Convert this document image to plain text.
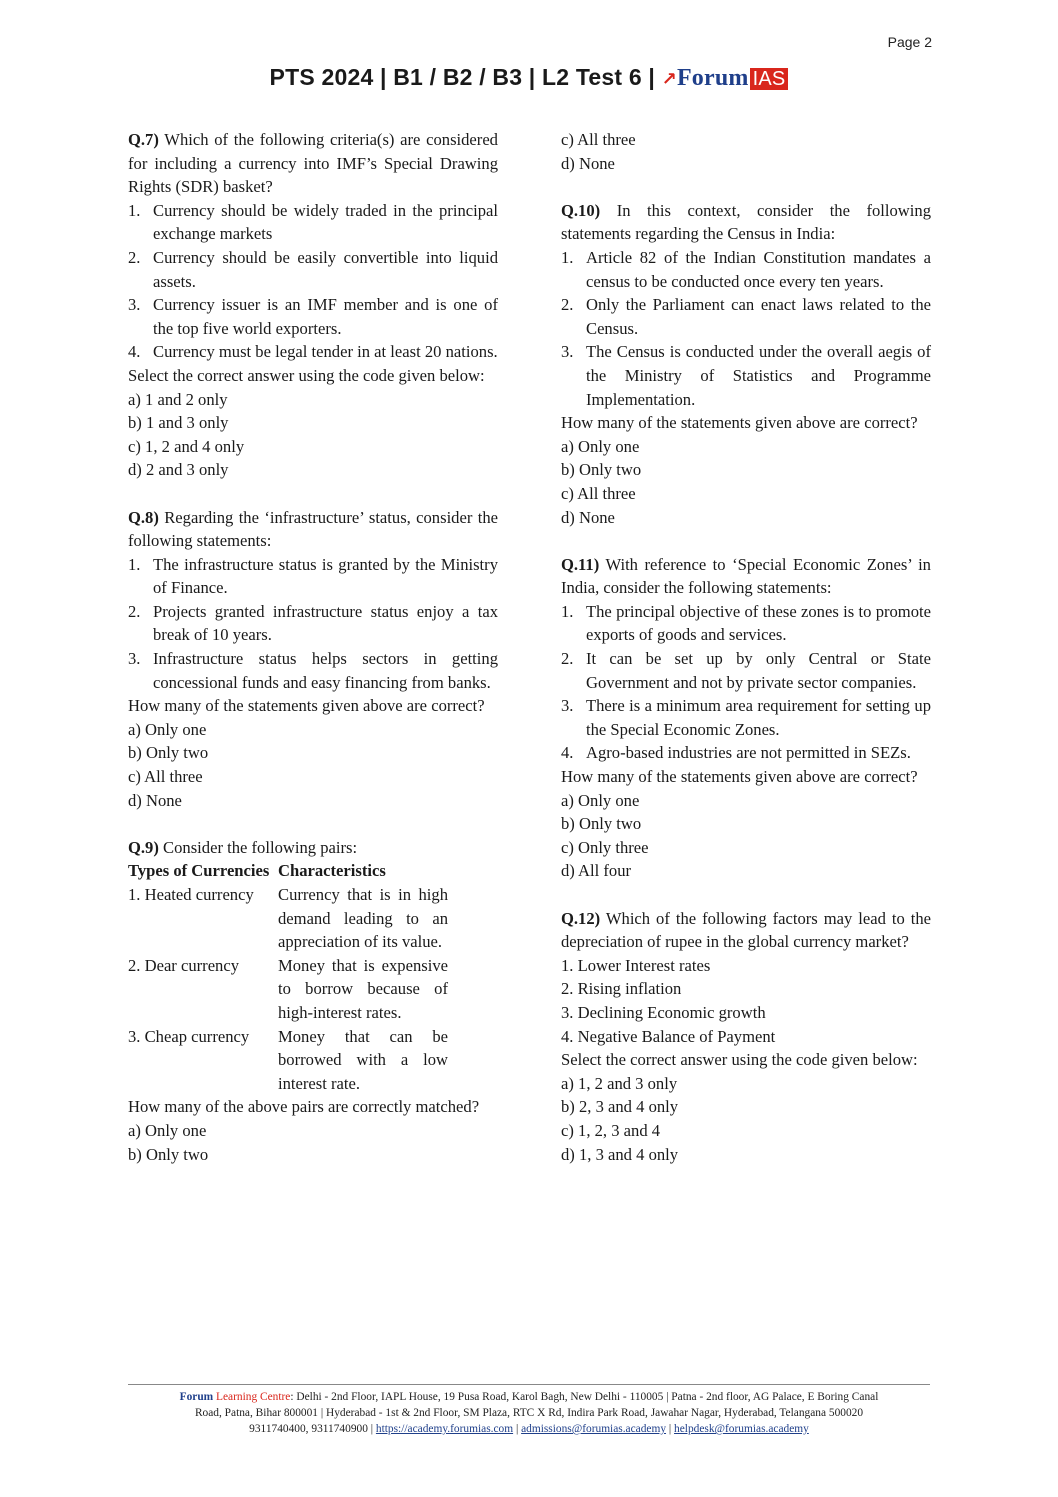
Page 2
PTS 2024 | B1 / B2 / B3 | L2 Test 6 | ↗Forum IAS

Q.7) Which of the following criteria(s) are considered for including a currency into IMF’s Special Drawing Rights (SDR) basket?

1. Currency should be widely traded in the principal exchange markets
2. Currency should be easily convertible into liquid assets.
3. Currency issuer is an IMF member and is one of the top five world exporters.
4. Currency must be legal tender in at least 20 nations.

Select the correct answer using the code given below:

a) 1 and 2 only

b) 1 and 3 only

c) 1, 2 and 4 only

d) 2 and 3 only

Q.8) Regarding the ‘infrastructure’ status, consider the following statements:

1. The infrastructure status is granted by the Ministry of Finance.
2. Projects granted infrastructure status enjoy a tax break of 10 years.
3. Infrastructure status helps sectors in getting concessional funds and easy financing from banks.

How many of the statements given above are correct?

a) Only one

b) Only two

c) All three

d) None

Q.9) Consider the following pairs:

Types of Currencies	Characteristics
1. Heated currency	Currency that is in high demand leading to an appreciation of its value.
2. Dear currency	Money that is expensive to borrow because of high-interest rates.
3. Cheap currency	Money that can be borrowed with a low interest rate.

How many of the above pairs are correctly matched?

a) Only one

b) Only two

c) All three

d) None

Q.10) In this context, consider the following statements regarding the Census in India:

1. Article 82 of the Indian Constitution mandates a census to be conducted once every ten years.
2. Only the Parliament can enact laws related to the Census.
3. The Census is conducted under the overall aegis of the Ministry of Statistics and Programme Implementation.

How many of the statements given above are correct?

a) Only one

b) Only two

c) All three

d) None

Q.11) With reference to ‘Special Economic Zones’ in India, consider the following statements:

1. The principal objective of these zones is to promote exports of goods and services.
2. It can be set up by only Central or State Government and not by private sector companies.
3. There is a minimum area requirement for setting up the Special Economic Zones.
4. Agro-based industries are not permitted in SEZs.

How many of the statements given above are correct?

a) Only one

b) Only two

c) Only three

d) All four

Q.12) Which of the following factors may lead to the depreciation of rupee in the global currency market?

1. Lower Interest rates

2. Rising inflation

3. Declining Economic growth

4. Negative Balance of Payment

Select the correct answer using the code given below:

a) 1, 2 and 3 only

b) 2, 3 and 4 only

c) 1, 2, 3 and 4

d) 1, 3 and 4 only

Forum Learning Centre: Delhi - 2nd Floor, IAPL House, 19 Pusa Road, Karol Bagh, New Delhi - 110005 | Patna - 2nd floor, AG Palace, E Boring Canal
Road, Patna, Bihar 800001 | Hyderabad - 1st & 2nd Floor, SM Plaza, RTC X Rd, Indira Park Road, Jawahar Nagar, Hyderabad, Telangana 500020
9311740400, 9311740900 | https://academy.forumias.com | admissions@forumias.academy | helpdesk@forumias.academy
